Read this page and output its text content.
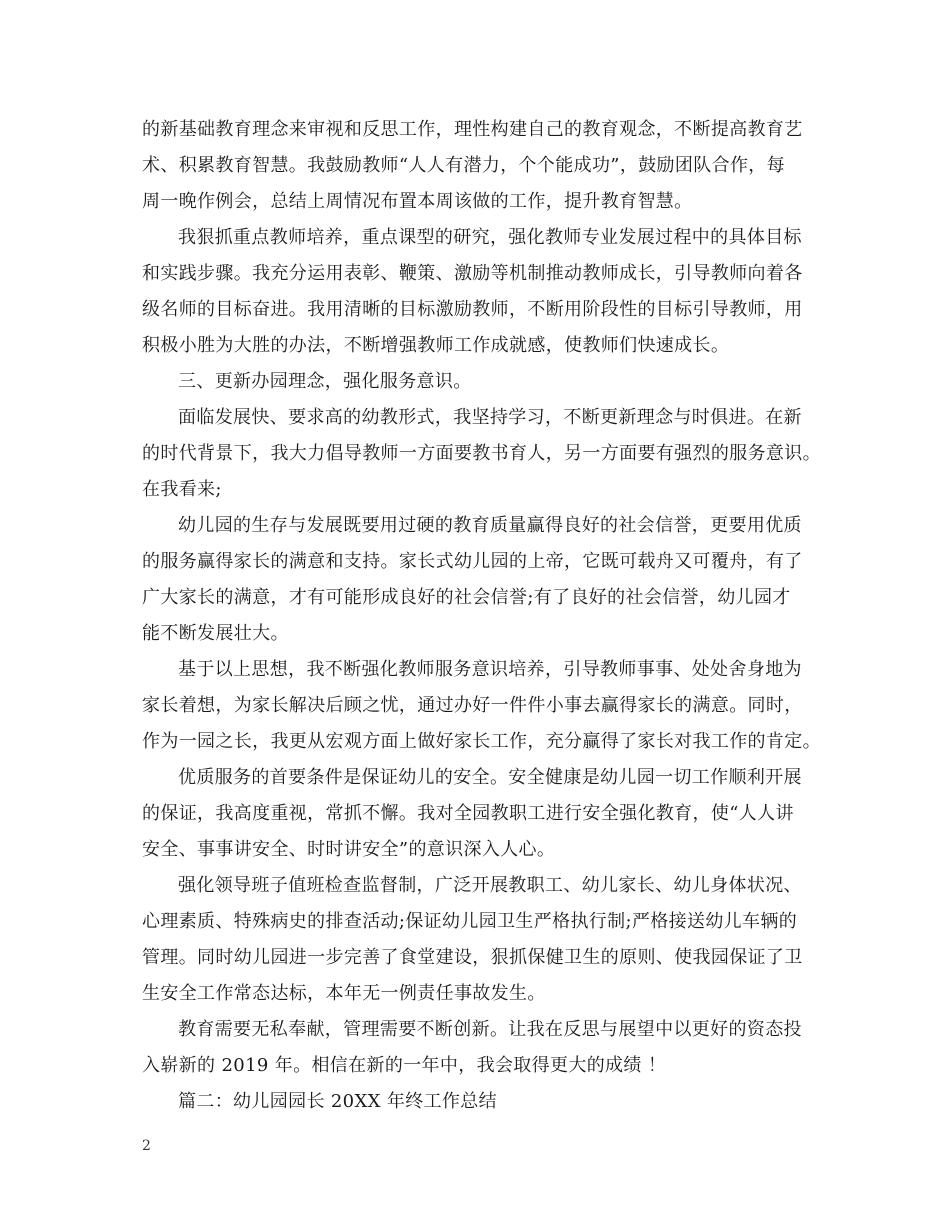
的新基础教育理念来审视和反思工作，理性构建自己的教育观念，不断提高教育艺
术、积累教育智慧。我鼓励教师“人人有潜力，个个能成功”，鼓励团队合作，每
周一晚作例会，总结上周情况布置本周该做的工作，提升教育智慧。
我狠抓重点教师培养，重点课型的研究，强化教师专业发展过程中的具体目标
和实践步骤。我充分运用表彰、鞭策、激励等机制推动教师成长，引导教师向着各
级名师的目标奋进。我用清晰的目标激励教师，不断用阶段性的目标引导教师，用
积极小胜为大胜的办法，不断增强教师工作成就感，使教师们快速成长。
三、更新办园理念，强化服务意识。
面临发展快、要求高的幼教形式，我坚持学习，不断更新理念与时俱进。在新
的时代背景下，我大力倡导教师一方面要教书育人，另一方面要有强烈的服务意识。
在我看来;
幼儿园的生存与发展既要用过硬的教育质量赢得良好的社会信誉，更要用优质
的服务赢得家长的满意和支持。家长式幼儿园的上帝，它既可载舟又可覆舟，有了
广大家长的满意，才有可能形成良好的社会信誉;有了良好的社会信誉，幼儿园才
能不断发展壮大。
基于以上思想，我不断强化教师服务意识培养，引导教师事事、处处舍身地为
家长着想，为家长解决后顾之忧，通过办好一件件小事去赢得家长的满意。同时，
作为一园之长，我更从宏观方面上做好家长工作，充分赢得了家长对我工作的肯定。
优质服务的首要条件是保证幼儿的安全。安全健康是幼儿园一切工作顺利开展
的保证，我高度重视，常抓不懈。我对全园教职工进行安全强化教育，使“人人讲
安全、事事讲安全、时时讲安全”的意识深入人心。
强化领导班子值班检查监督制，广泛开展教职工、幼儿家长、幼儿身体状况、
心理素质、特殊病史的排查活动;保证幼儿园卫生严格执行制;严格接送幼儿车辆的
管理。同时幼儿园进一步完善了食堂建设，狠抓保健卫生的原则、使我园保证了卫
生安全工作常态达标，本年无一例责任事故发生。
教育需要无私奉献，管理需要不断创新。让我在反思与展望中以更好的资态投
入崭新的 2019 年。相信在新的一年中，我会取得更大的成绩 ！
篇二：幼儿园园长 20XX 年终工作总结
2
